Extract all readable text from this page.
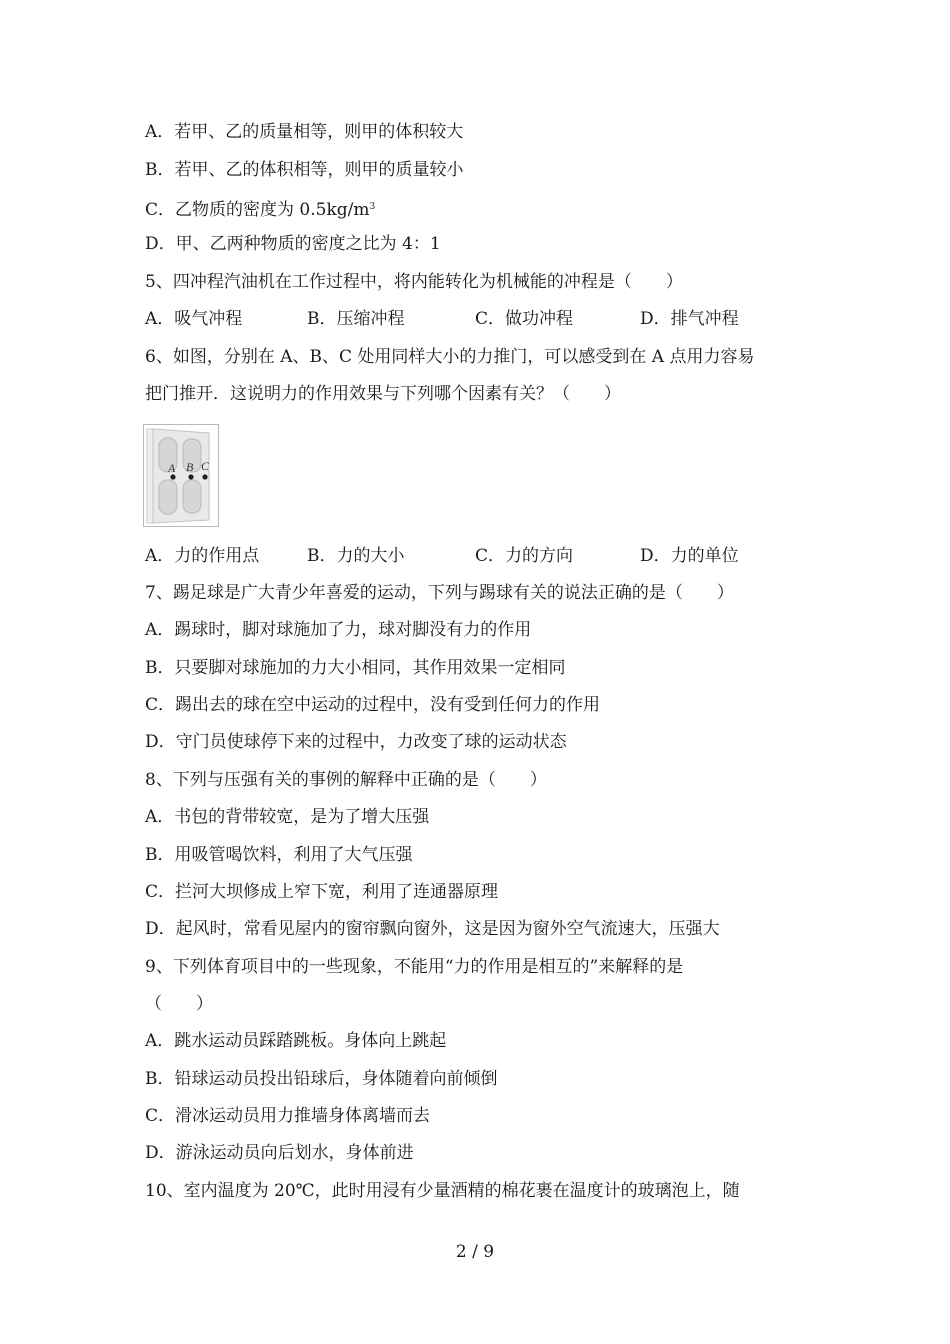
A．若甲、乙的质量相等，则甲的体积较大
B．若甲、乙的体积相等，则甲的质量较小
C．乙物质的密度为 $0.5kg/m^3$
D．甲、乙两种物质的密度之比为 4：1
5、四冲程汽油机在工作过程中，将内能转化为机械能的冲程是（　　）
A．吸气冲程	B．压缩冲程	C．做功冲程	D．排气冲程
6、如图，分别在 A、B、C 处用同样大小的力推门，可以感受到在 A 点用力容易
把门推开．这说明力的作用效果与下列哪个因素有关？（　　）
A B C
A．力的作用点	B．力的大小	C．力的方向	D．力的单位
7、踢足球是广大青少年喜爱的运动，下列与踢球有关的说法正确的是（　　）
A．踢球时，脚对球施加了力，球对脚没有力的作用
B．只要脚对球施加的力大小相同，其作用效果一定相同
C．踢出去的球在空中运动的过程中，没有受到任何力的作用
D．守门员使球停下来的过程中，力改变了球的运动状态
8、下列与压强有关的事例的解释中正确的是（　　）
A．书包的背带较宽，是为了增大压强
B．用吸管喝饮料，利用了大气压强
C．拦河大坝修成上窄下宽，利用了连通器原理
D．起风时，常看见屋内的窗帘飘向窗外，这是因为窗外空气流速大，压强大
9、下列体育项目中的一些现象，不能用“力的作用是相互的”来解释的是
（　　）
A．跳水运动员踩踏跳板。身体向上跳起
B．铅球运动员投出铅球后，身体随着向前倾倒
C．滑冰运动员用力推墙身体离墙而去
D．游泳运动员向后划水，身体前进
10、室内温度为 20℃，此时用浸有少量酒精的棉花裹在温度计的玻璃泡上，随
2 / 9
